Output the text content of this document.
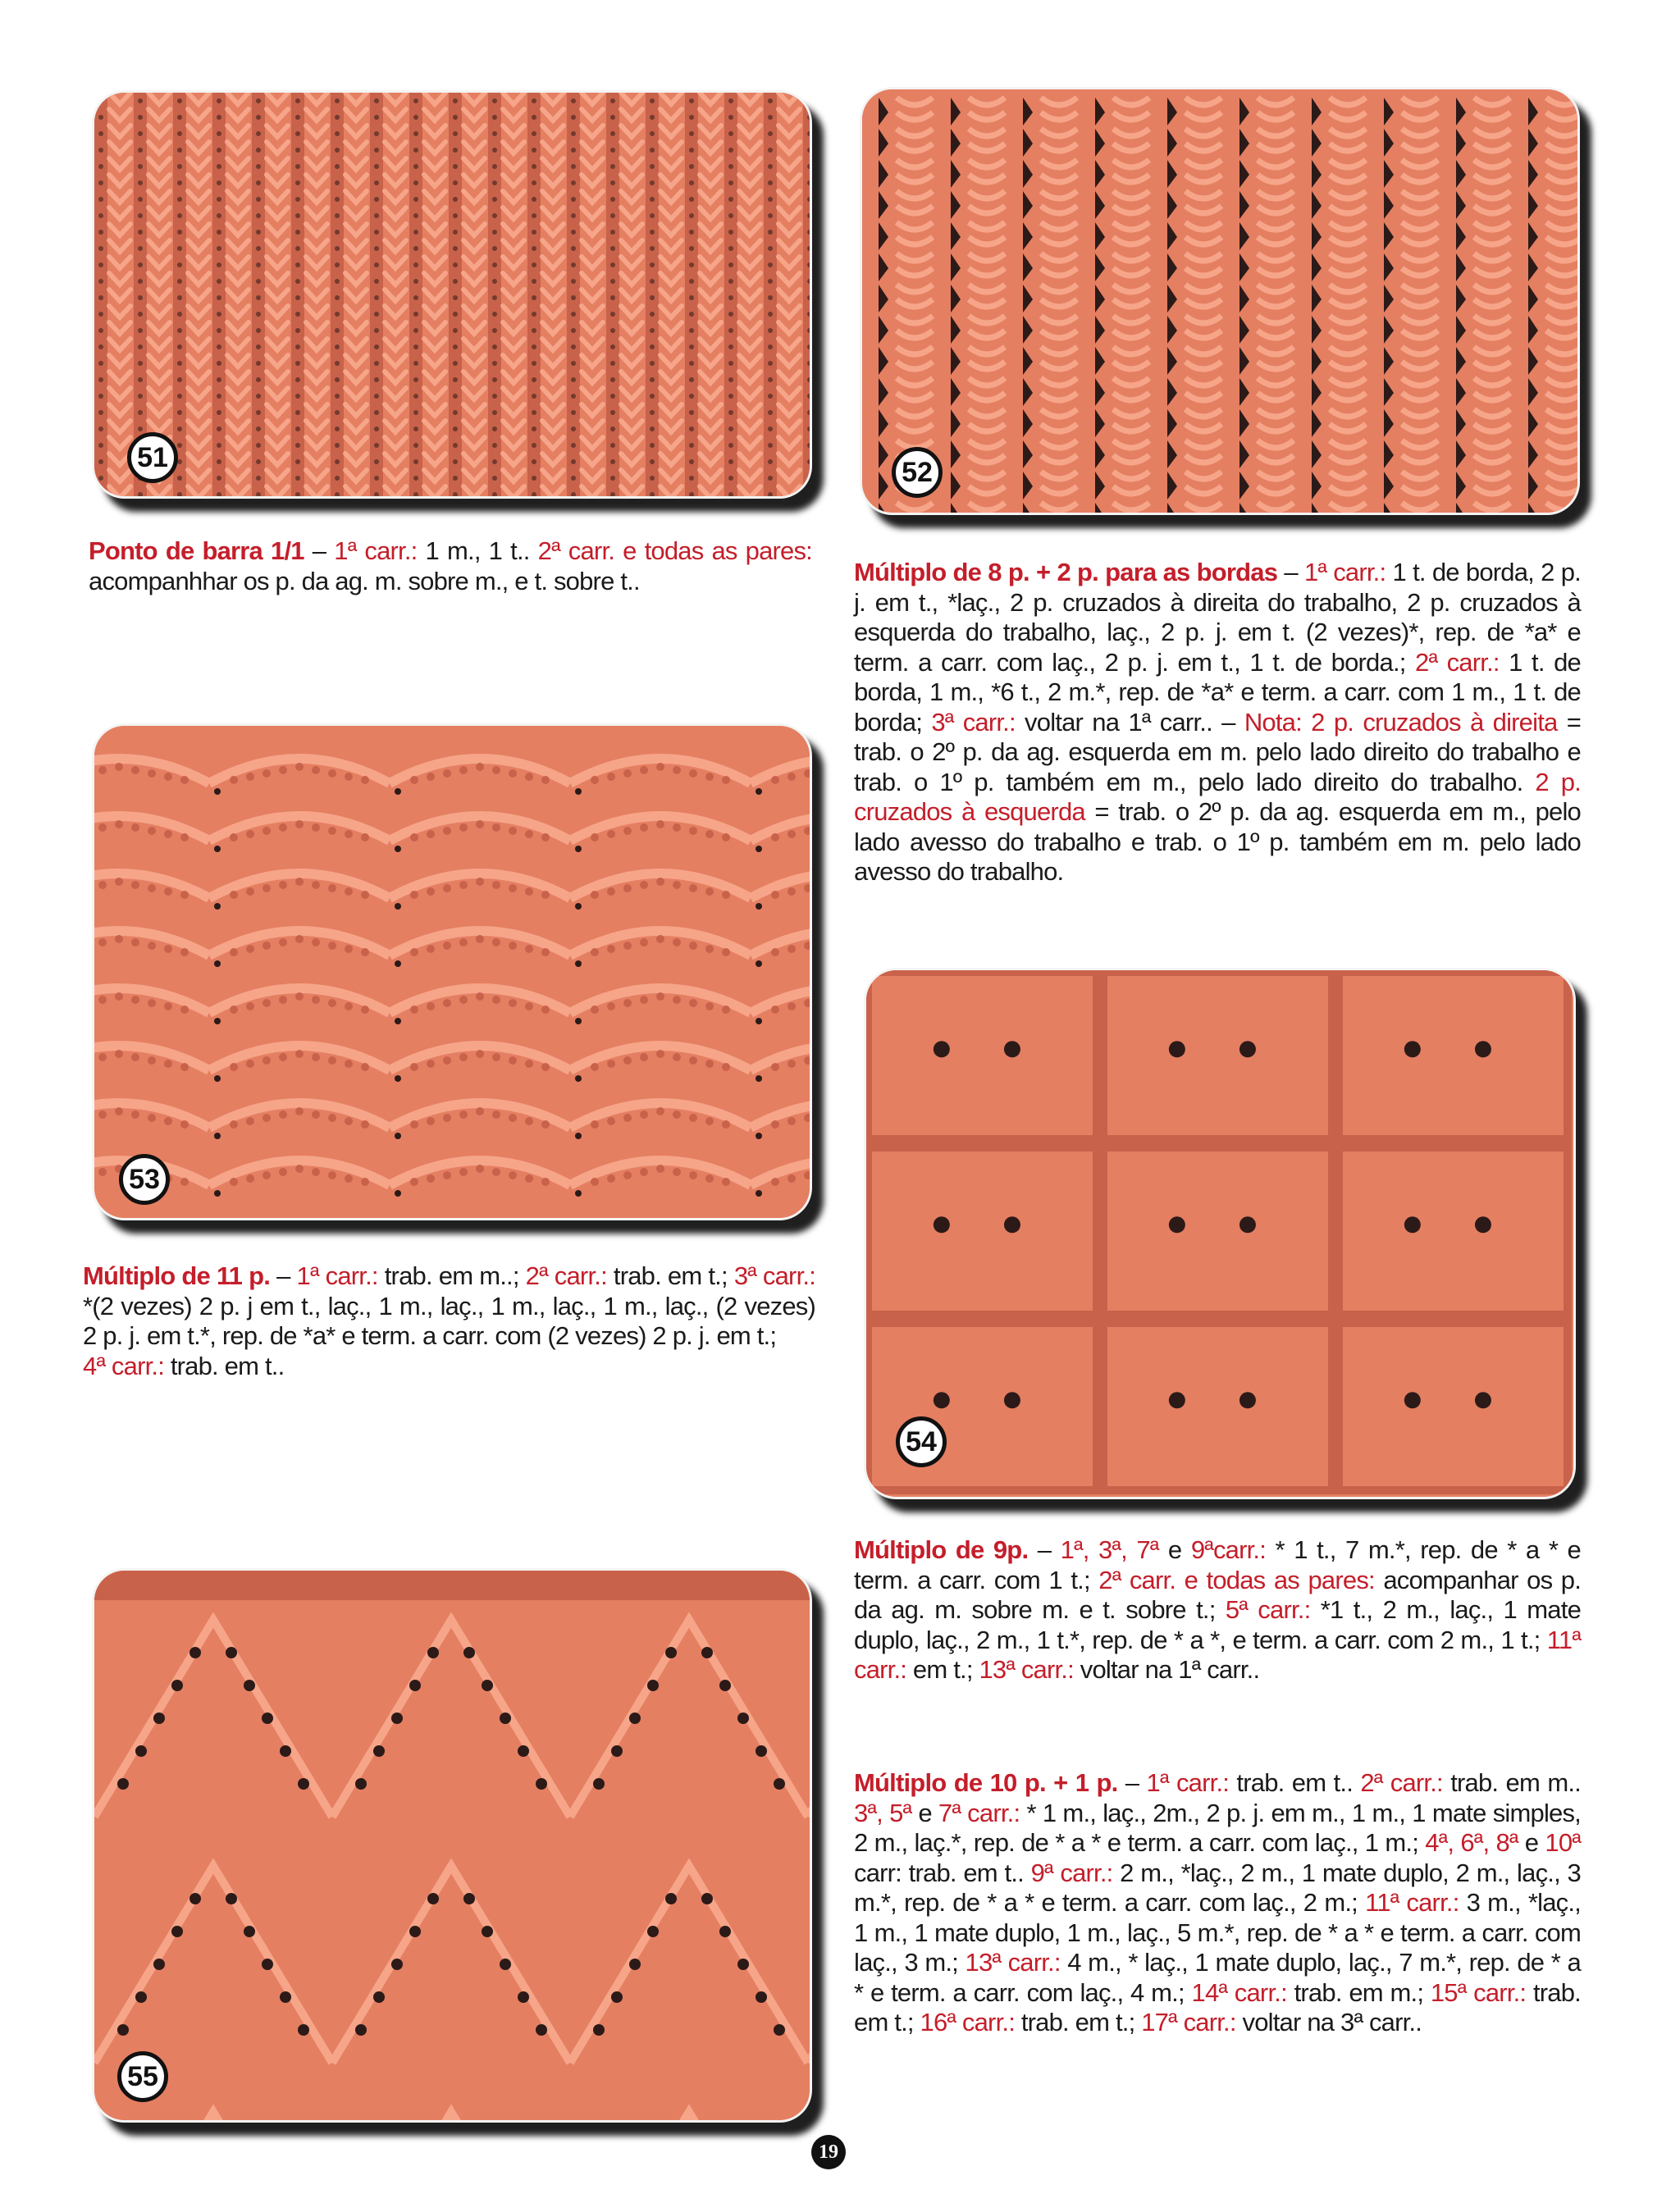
51

Ponto de barra 1/1 – 1ª carr.: 1 m., 1 t.. 2ª carr. e todas as pares: acompanhhar os p. da ag. m. sobre m., e t. sobre t..

52

Múltiplo de 8 p. + 2 p. para as bordas – 1ª carr.: 1 t. de borda, 2 p. j. em t., *laç., 2 p. cruzados à direita do trabalho, 2 p. cruzados à esquerda do trabalho, laç., 2 p. j. em t. (2 vezes)*, rep. de *a* e term. a carr. com laç., 2 p. j. em t., 1 t. de borda.; 2ª carr.: 1 t. de borda, 1 m., *6 t., 2 m.*, rep. de *a* e term. a carr. com 1 m., 1 t. de borda; 3ª carr.: voltar na 1ª carr.. – Nota: 2 p. cruzados à direita = trab. o 2º p. da ag. esquerda em m. pelo lado direito do trabalho e trab. o 1º p. também em m., pelo lado direito do trabalho. 2 p. cruzados à esquerda = trab. o 2º p. da ag. esquerda em m., pelo lado avesso do trabalho e trab. o 1º p. também em m. pelo lado avesso do trabalho.

53

Múltiplo de 11 p. – 1ª carr.: trab. em m..; 2ª carr.: trab. em t.; 3ª carr.: *(2 vezes) 2 p. j em t., laç., 1 m., laç., 1 m., laç., 1 m., laç., (2 vezes) 2 p. j. em t.*, rep. de *a* e term. a carr. com (2 vezes) 2 p. j. em t.;
4ª carr.: trab. em t..

54

Múltiplo de 9p. – 1ª, 3ª, 7ª e 9ªcarr.: * 1 t., 7 m.*, rep. de * a * e term. a carr. com 1 t.; 2ª carr. e todas as pares: acompanhar os p. da ag. m. sobre m. e t. sobre t.; 5ª carr.: *1 t., 2 m., laç., 1 mate duplo, laç., 2 m., 1 t.*, rep. de * a *, e term. a carr. com 2 m., 1 t.; 11ª carr.: em t.; 13ª carr.: voltar na 1ª carr..

55

Múltiplo de 10 p. + 1 p. – 1ª carr.: trab. em t.. 2ª carr.: trab. em m.. 3ª, 5ª e 7ª carr.: * 1 m., laç., 2m., 2 p. j. em m., 1 m., 1 mate simples, 2 m., laç.*, rep. de * a * e term. a carr. com laç., 1 m.; 4ª, 6ª, 8ª e 10ª carr: trab. em t.. 9ª carr.: 2 m., *laç., 2 m., 1 mate duplo, 2 m., laç., 3 m.*, rep. de * a * e term. a carr. com laç., 2 m.; 11ª carr.: 3 m., *laç., 1 m., 1 mate duplo, 1 m., laç., 5 m.*, rep. de * a * e term. a carr. com laç., 3 m.; 13ª carr.: 4 m., * laç., 1 mate duplo, laç., 7 m.*, rep. de * a * e term. a carr. com laç., 4 m.; 14ª carr.: trab. em m.; 15ª carr.: trab. em t.; 16ª carr.: trab. em t.; 17ª carr.: voltar na 3ª carr..

19
